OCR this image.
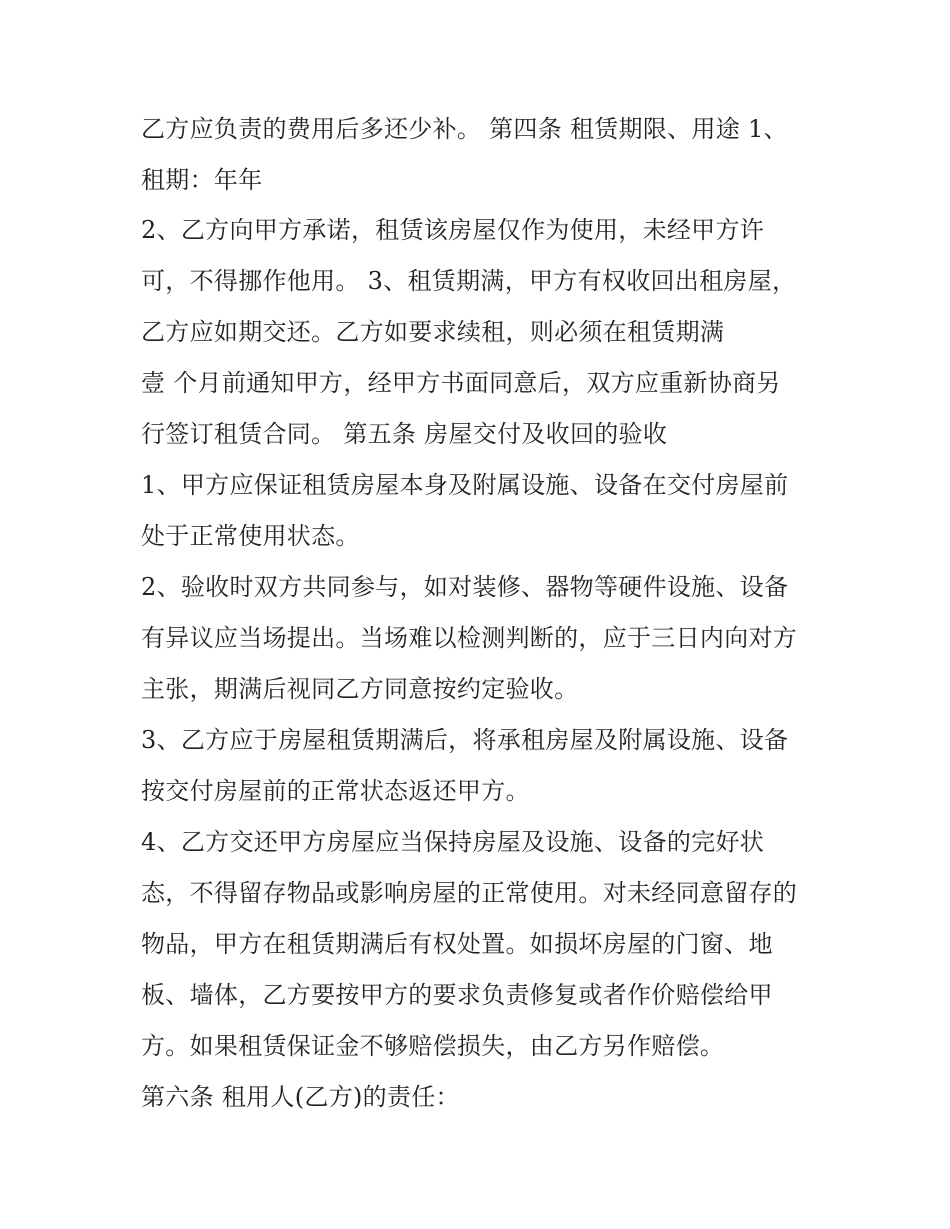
乙方应负责的费用后多还少补。 第四条 租赁期限、用途 1、
租期：年年
2、乙方向甲方承诺，租赁该房屋仅作为使用，未经甲方许
可，不得挪作他用。 3、租赁期满，甲方有权收回出租房屋，
乙方应如期交还。乙方如要求续租，则必须在租赁期满
壹 个月前通知甲方，经甲方书面同意后，双方应重新协商另
行签订租赁合同。 第五条 房屋交付及收回的验收
1、甲方应保证租赁房屋本身及附属设施、设备在交付房屋前
处于正常使用状态。
2、验收时双方共同参与，如对装修、器物等硬件设施、设备
有异议应当场提出。当场难以检测判断的，应于三日内向对方
主张，期满后视同乙方同意按约定验收。
3、乙方应于房屋租赁期满后，将承租房屋及附属设施、设备
按交付房屋前的正常状态返还甲方。
4、乙方交还甲方房屋应当保持房屋及设施、设备的完好状
态，不得留存物品或影响房屋的正常使用。对未经同意留存的
物品，甲方在租赁期满后有权处置。如损坏房屋的门窗、地
板、墙体，乙方要按甲方的要求负责修复或者作价赔偿给甲
方。如果租赁保证金不够赔偿损失，由乙方另作赔偿。
第六条 租用人(乙方)的责任：
